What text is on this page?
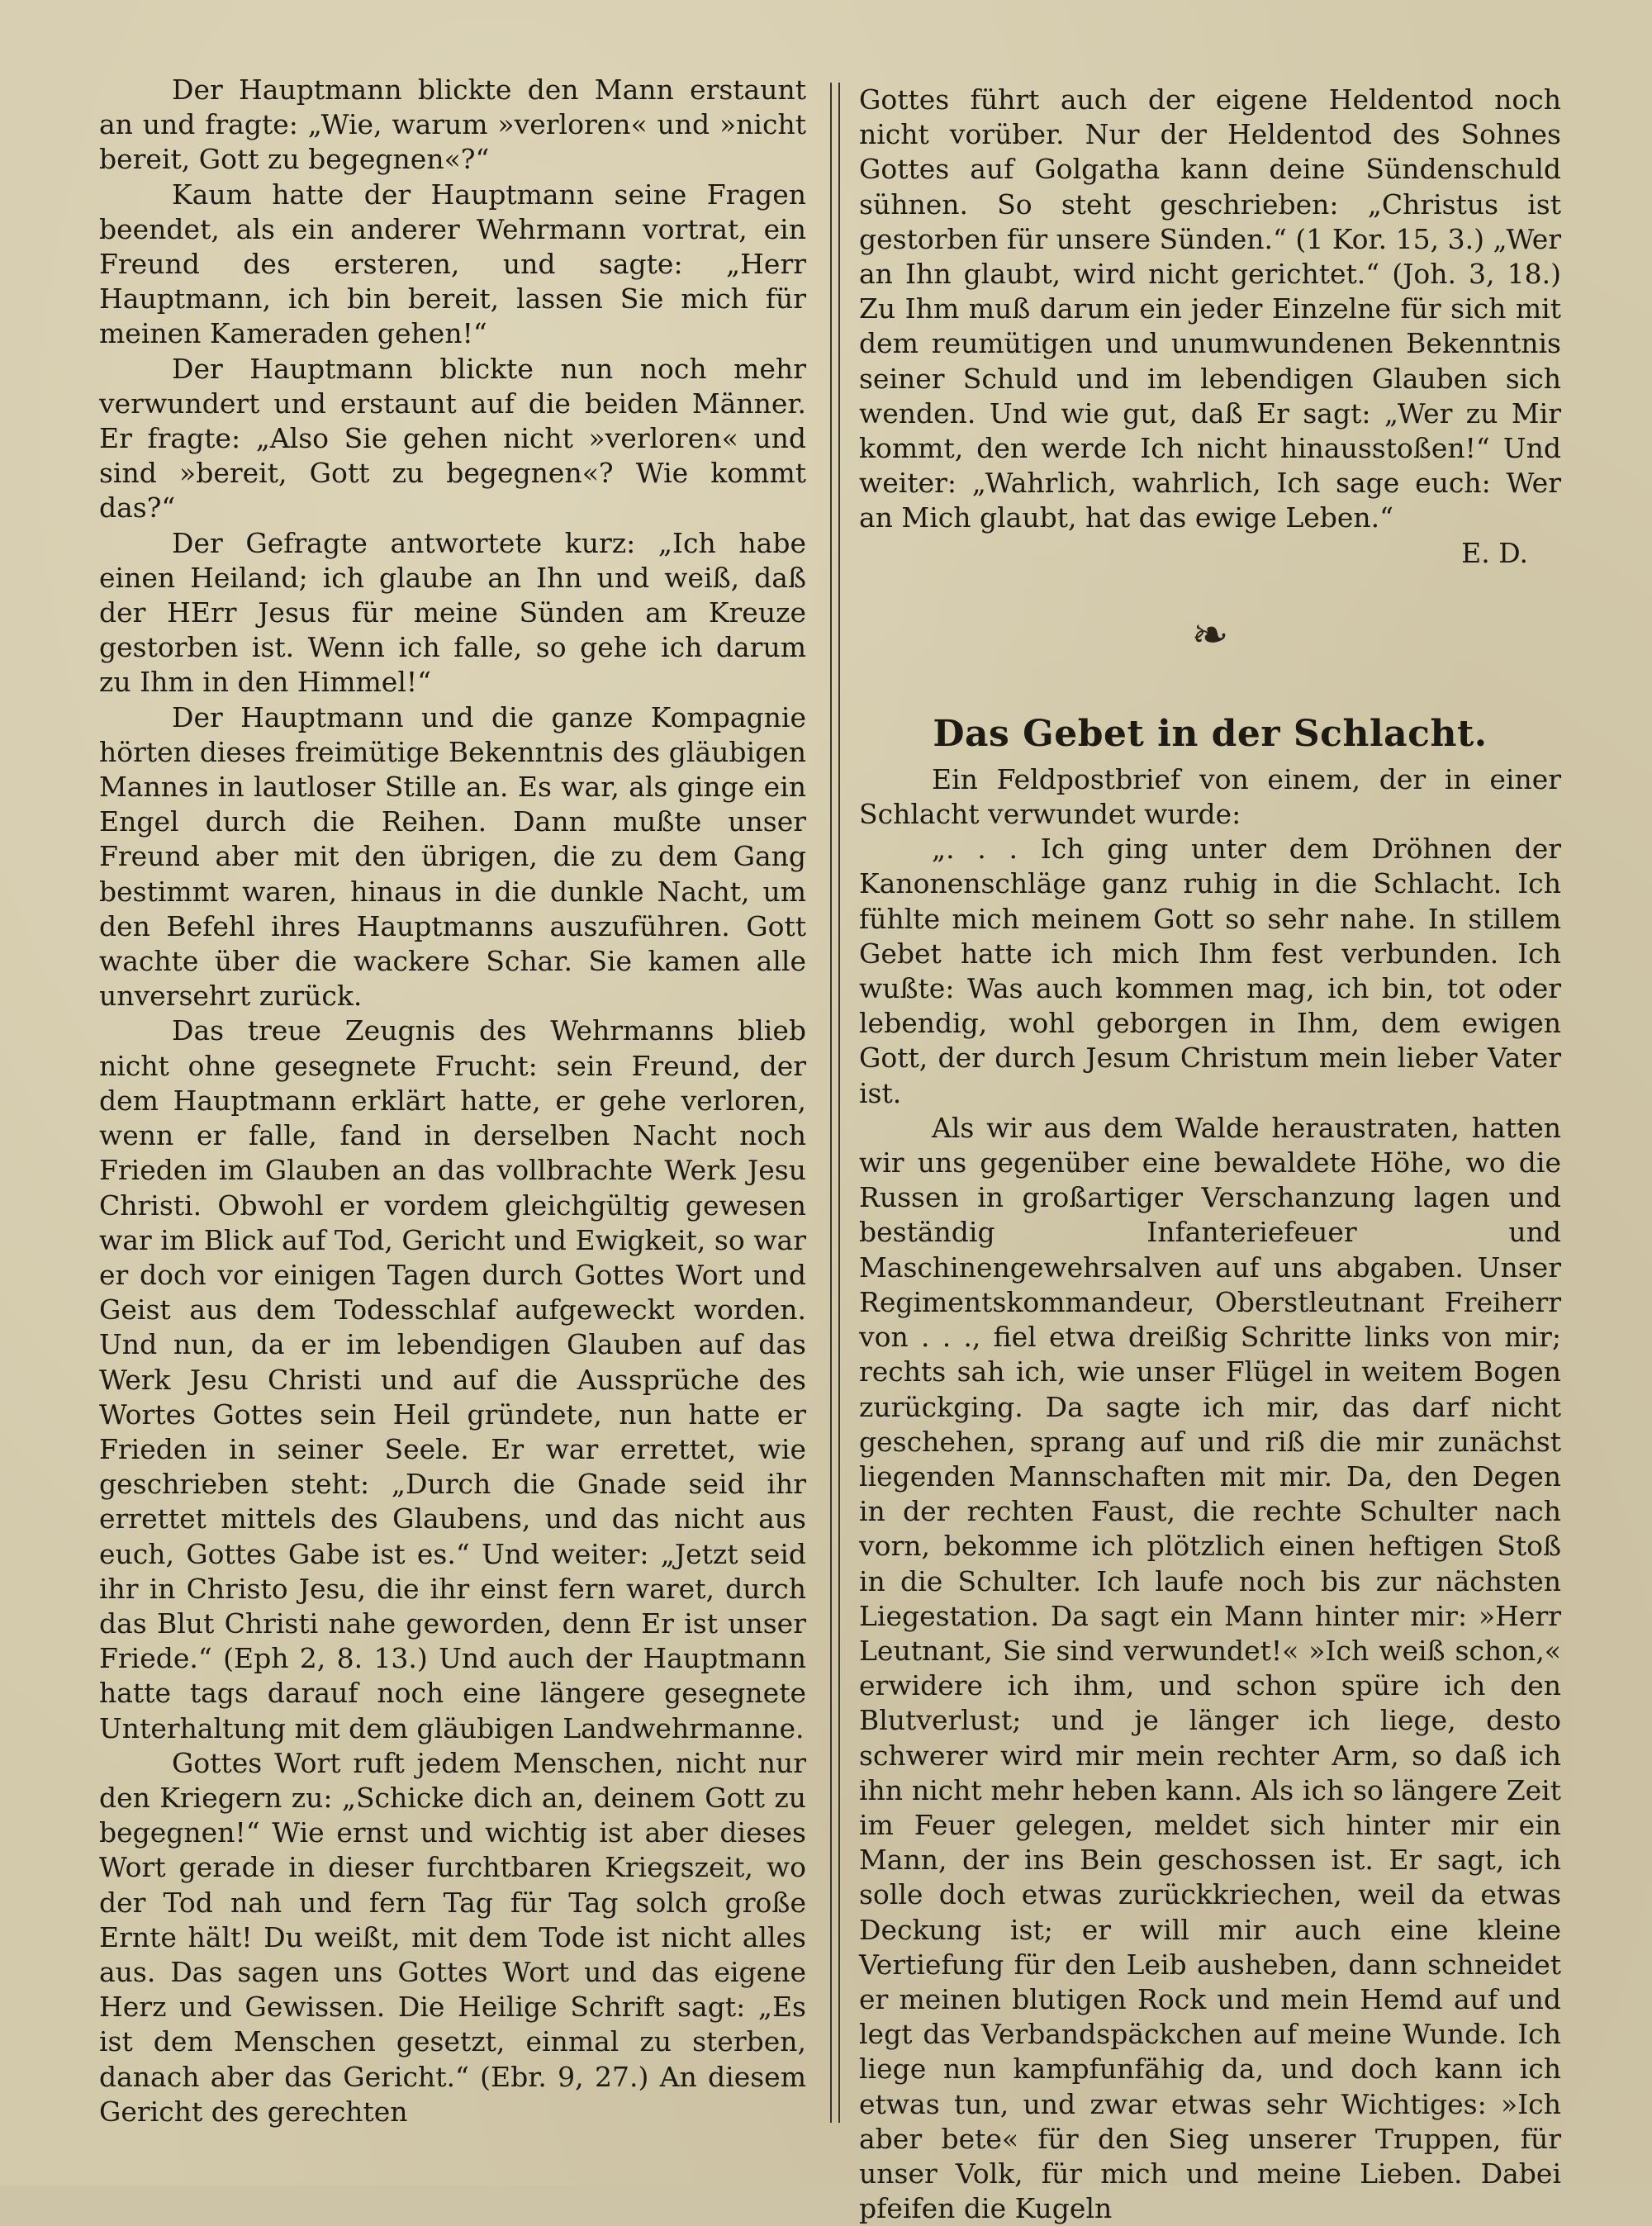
Der Hauptmann blickte den Mann erstaunt an und fragte: „Wie, warum »verloren« und »nicht bereit, Gott zu begegnen«?“

Kaum hatte der Hauptmann seine Fragen beendet, als ein anderer Wehrmann vortrat, ein Freund des ersteren, und sagte: „Herr Hauptmann, ich bin bereit, lassen Sie mich für meinen Kameraden gehen!“

Der Hauptmann blickte nun noch mehr verwundert und erstaunt auf die beiden Männer. Er fragte: „Also Sie gehen nicht »verloren« und sind »bereit, Gott zu begegnen«? Wie kommt das?“

Der Gefragte antwortete kurz: „Ich habe einen Heiland; ich glaube an Ihn und weiß, daß der HErr Jesus für meine Sünden am Kreuze gestorben ist. Wenn ich falle, so gehe ich darum zu Ihm in den Himmel!“

Der Hauptmann und die ganze Kompagnie hörten dieses freimütige Bekenntnis des gläubigen Mannes in lautloser Stille an. Es war, als ginge ein Engel durch die Reihen. Dann mußte unser Freund aber mit den übrigen, die zu dem Gang bestimmt waren, hinaus in die dunkle Nacht, um den Befehl ihres Hauptmanns auszuführen. Gott wachte über die wackere Schar. Sie kamen alle unversehrt zurück.

Das treue Zeugnis des Wehrmanns blieb nicht ohne gesegnete Frucht: sein Freund, der dem Hauptmann erklärt hatte, er gehe verloren, wenn er falle, fand in derselben Nacht noch Frieden im Glauben an das vollbrachte Werk Jesu Christi. Obwohl er vordem gleichgültig gewesen war im Blick auf Tod, Gericht und Ewigkeit, so war er doch vor einigen Tagen durch Gottes Wort und Geist aus dem Todesschlaf aufgeweckt worden. Und nun, da er im lebendigen Glauben auf das Werk Jesu Christi und auf die Aussprüche des Wortes Gottes sein Heil gründete, nun hatte er Frieden in seiner Seele. Er war errettet, wie geschrieben steht: „Durch die Gnade seid ihr errettet mittels des Glaubens, und das nicht aus euch, Gottes Gabe ist es.“ Und weiter: „Jetzt seid ihr in Christo Jesu, die ihr einst fern waret, durch das Blut Christi nahe geworden, denn Er ist unser Friede.“ (Eph 2, 8. 13.) Und auch der Hauptmann hatte tags darauf noch eine längere gesegnete Unterhaltung mit dem gläubigen Landwehrmanne.

Gottes Wort ruft jedem Menschen, nicht nur den Kriegern zu: „Schicke dich an, deinem Gott zu begegnen!“ Wie ernst und wichtig ist aber dieses Wort gerade in dieser furchtbaren Kriegszeit, wo der Tod nah und fern Tag für Tag solch große Ernte hält! Du weißt, mit dem Tode ist nicht alles aus. Das sagen uns Gottes Wort und das eigene Herz und Gewissen. Die Heilige Schrift sagt: „Es ist dem Menschen gesetzt, einmal zu sterben, danach aber das Gericht.“ (Ebr. 9, 27.) An diesem Gericht des gerechten

Gottes führt auch der eigene Heldentod noch nicht vorüber. Nur der Heldentod des Sohnes Gottes auf Golgatha kann deine Sündenschuld sühnen. So steht geschrieben: „Christus ist gestorben für unsere Sünden.“ (1 Kor. 15, 3.) „Wer an Ihn glaubt, wird nicht gerichtet.“ (Joh. 3, 18.) Zu Ihm muß darum ein jeder Einzelne für sich mit dem reumütigen und unumwundenen Bekenntnis seiner Schuld und im lebendigen Glauben sich wenden. Und wie gut, daß Er sagt: „Wer zu Mir kommt, den werde Ich nicht hinausstoßen!“ Und weiter: „Wahrlich, wahrlich, Ich sage euch: Wer an Mich glaubt, hat das ewige Leben.“

E. D.

❧
Das Gebet in der Schlacht.

Ein Feldpostbrief von einem, der in einer Schlacht verwundet wurde:

„. . . Ich ging unter dem Dröhnen der Kanonenschläge ganz ruhig in die Schlacht. Ich fühlte mich meinem Gott so sehr nahe. In stillem Gebet hatte ich mich Ihm fest verbunden. Ich wußte: Was auch kommen mag, ich bin, tot oder lebendig, wohl geborgen in Ihm, dem ewigen Gott, der durch Jesum Christum mein lieber Vater ist.

Als wir aus dem Walde heraustraten, hatten wir uns gegenüber eine bewaldete Höhe, wo die Russen in großartiger Verschanzung lagen und beständig Infanteriefeuer und Maschinengewehrsalven auf uns abgaben. Unser Regimentskommandeur, Oberstleutnant Freiherr von . . ., fiel etwa dreißig Schritte links von mir; rechts sah ich, wie unser Flügel in weitem Bogen zurückging. Da sagte ich mir, das darf nicht geschehen, sprang auf und riß die mir zunächst liegenden Mannschaften mit mir. Da, den Degen in der rechten Faust, die rechte Schulter nach vorn, bekomme ich plötzlich einen heftigen Stoß in die Schulter. Ich laufe noch bis zur nächsten Liegestation. Da sagt ein Mann hinter mir: »Herr Leutnant, Sie sind verwundet!« »Ich weiß schon,« erwidere ich ihm, und schon spüre ich den Blutverlust; und je länger ich liege, desto schwerer wird mir mein rechter Arm, so daß ich ihn nicht mehr heben kann. Als ich so längere Zeit im Feuer gelegen, meldet sich hinter mir ein Mann, der ins Bein geschossen ist. Er sagt, ich solle doch etwas zurückkriechen, weil da etwas Deckung ist; er will mir auch eine kleine Vertiefung für den Leib ausheben, dann schneidet er meinen blutigen Rock und mein Hemd auf und legt das Verbandspäckchen auf meine Wunde. Ich liege nun kampfunfähig da, und doch kann ich etwas tun, und zwar etwas sehr Wichtiges: »Ich aber bete« für den Sieg unserer Truppen, für unser Volk, für mich und meine Lieben. Dabei pfeifen die Kugeln
